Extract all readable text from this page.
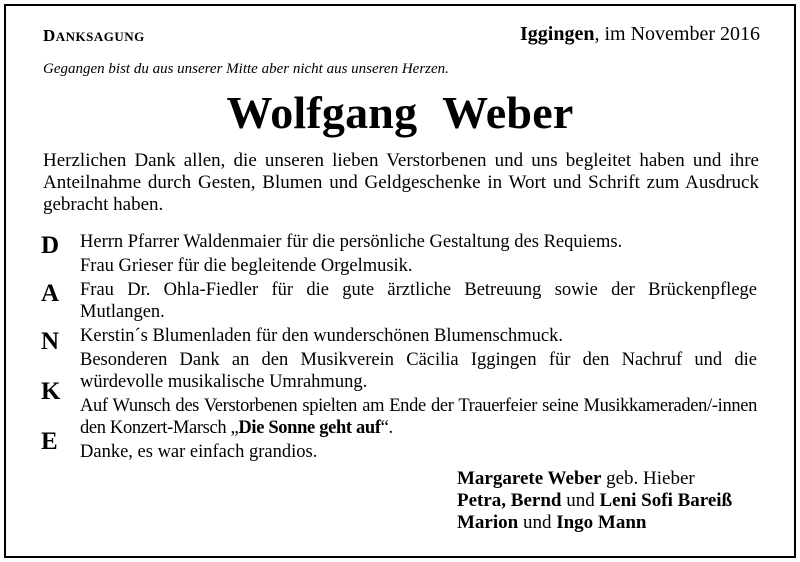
DANKSAGUNG	Iggingen, im November 2016
Gegangen bist du aus unserer Mitte aber nicht aus unseren Herzen.
Wolfgang Weber
Herzlichen Dank allen, die unseren lieben Verstorbenen und uns begleitet haben und ihre Anteilnahme durch Gesten, Blumen und Geldgeschenke in Wort und Schrift zum Ausdruck gebracht haben.
D
A
N
K
E
Herrn Pfarrer Waldenmaier für die persönliche Gestaltung des Requiems.
Frau Grieser für die begleitende Orgelmusik.
Frau Dr. Ohla-Fiedler für die gute ärztliche Betreuung sowie der Brückenpflege Mutlangen.
Kerstin´s Blumenladen für den wunderschönen Blumenschmuck.
Besonderen Dank an den Musikverein Cäcilia Iggingen für den Nachruf und die würdevolle musikalische Umrahmung.
Auf Wunsch des Verstorbenen spielten am Ende der Trauerfeier seine Musikkameraden/-innen den Konzert-Marsch „Die Sonne geht auf“.
Danke, es war einfach grandios.
Margarete Weber geb. Hieber
Petra, Bernd und Leni Sofi Bareiß
Marion und Ingo Mann
